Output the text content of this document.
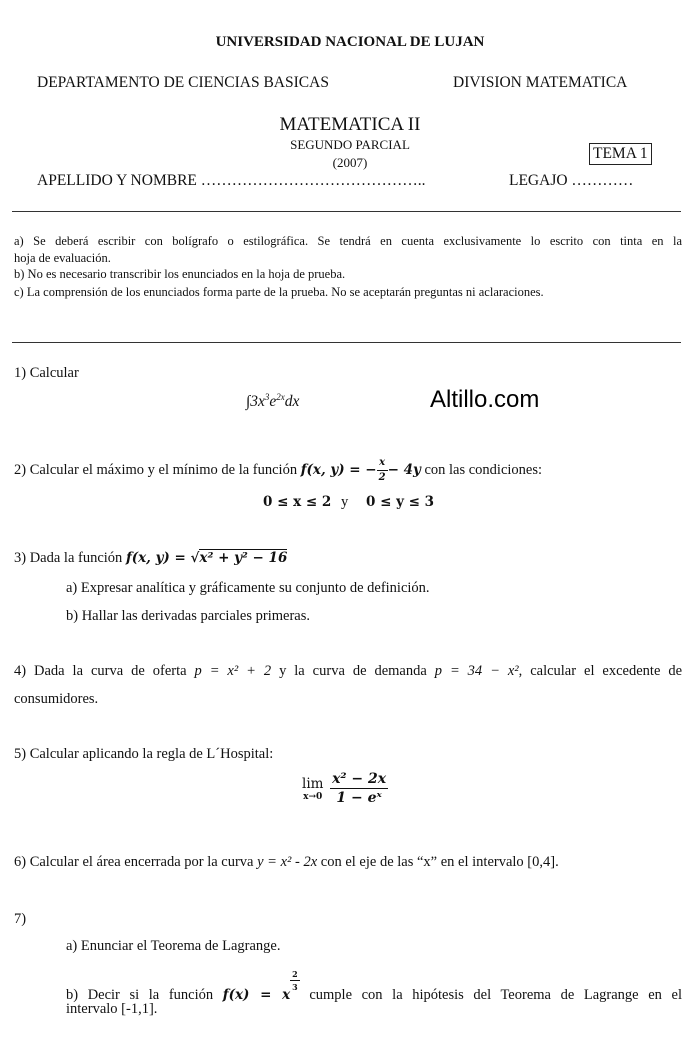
UNIVERSIDAD NACIONAL DE LUJAN
DEPARTAMENTO DE CIENCIAS BASICAS	DIVISION MATEMATICA
MATEMATICA II
SEGUNDO PARCIAL
(2007)
TEMA 1
APELLIDO Y NOMBRE ……………………………………..	LEGAJO …………
a) Se deberá escribir con bolígrafo o estilográfica. Se tendrá en cuenta exclusivamente lo escrito con tinta en la
hoja de evaluación.
b) No es necesario transcribir los enunciados en la hoja de prueba.
c) La comprensión de los enunciados forma parte de la prueba. No se aceptarán preguntas ni aclaraciones.
1) Calcular
$\int 3x^3e^{2x}dx$	Altillo.com
2) Calcular el máximo y el mínimo de la función f(x, y) = − $\frac{x}{2} - 4y$ con las condiciones:
0 ≤ x ≤ 2 y 0 ≤ y ≤ 3
3) Dada la función f(x, y) = √x² + y² − 16
a) Expresar analítica y gráficamente su conjunto de definición.
b) Hallar las derivadas parciales primeras.
4) Dada la curva de oferta p = x² + 2 y la curva de demanda p = 34 − x², calcular el excedente de
consumidores.
5) Calcular aplicando la regla de L´Hospital:
lim
x→0
$\frac{\text{x² − 2x}}{\text{1 − eˣ}}$
6) Calcular el área encerrada por la curva y = x² - 2x con el eje de las “x” en el intervalo [0,4].
7)
a) Enunciar el Teorema de Lagrange.
b) Decir si la función f(x) = x
$\frac{2}{3}$
cumple con la hipótesis del Teorema de Lagrange en el
intervalo [-1,1].
